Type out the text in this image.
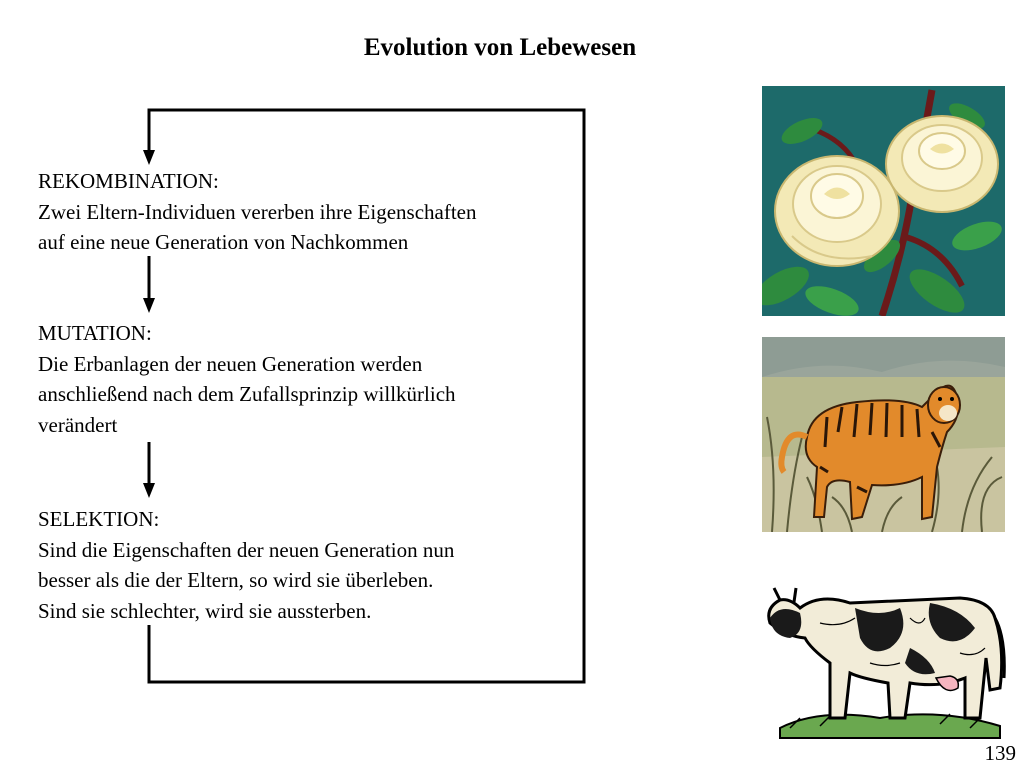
Evolution von Lebewesen
REKOMBINATION:
Zwei Eltern-Individuen vererben ihre Eigenschaften
auf eine neue Generation von Nachkommen
MUTATION:
Die Erbanlagen der neuen Generation werden
anschließend nach dem Zufallsprinzip willkürlich
verändert
SELEKTION:
Sind die Eigenschaften der neuen Generation nun
besser als die der Eltern, so wird sie überleben.
Sind sie schlechter, wird sie aussterben.
139
